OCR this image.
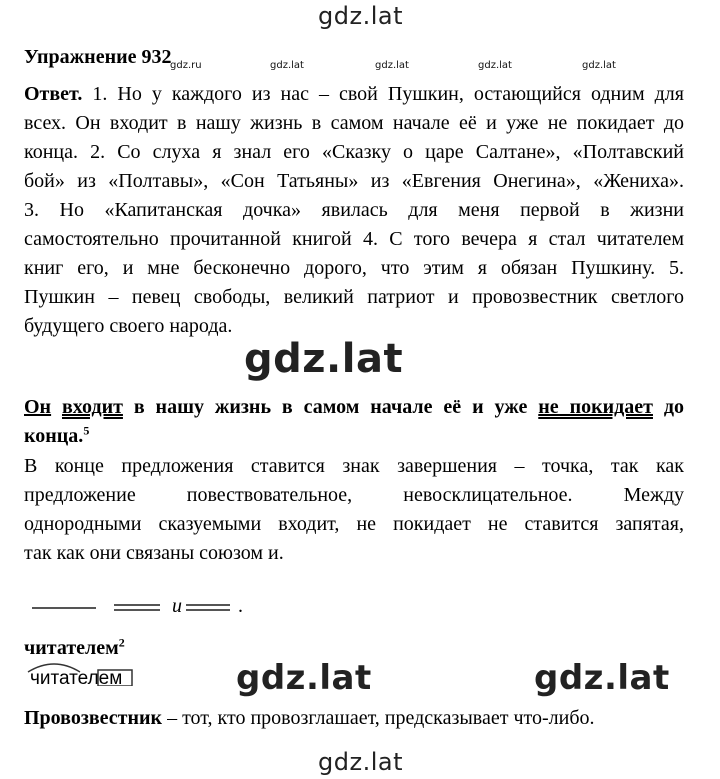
gdz.lat
gdz.ru	gdz.lat	gdz.lat	gdz.lat	gdz.lat
Упражнение 932
Ответ. 1. Но у каждого из нас – свой Пушкин, остающийся одним для
всех. Он входит в нашу жизнь в самом начале её и уже не покидает до
конца. 2. Со слуха я знал его «Сказку о царе Салтане», «Полтавский
бой» из «Полтавы», «Сон Татьяны» из «Евгения Онегина», «Жениха».
3. Но «Капитанская дочка» явилась для меня первой в жизни
самостоятельно прочитанной книгой 4. С того вечера я стал читателем
книг его, и мне бесконечно дорого, что этим я обязан Пушкину. 5.
Пушкин – певец свободы, великий патриот и провозвестник светлого
будущего своего народа.
gdz.lat
Он входит в нашу жизнь в самом начале её и уже не покидает до
конца.$^5$
В конце предложения ставится знак завершения – точка, так как
предложение повествовательное, невосклицательное. Между
однородными сказуемыми входит, не покидает не ставится запятая,
так как они связаны союзом и.
и	.
читателем$^2$
читателем	gdz.lat	gdz.lat
Провозвестник – тот, кто провозглашает, предсказывает что-либо.
gdz.lat
